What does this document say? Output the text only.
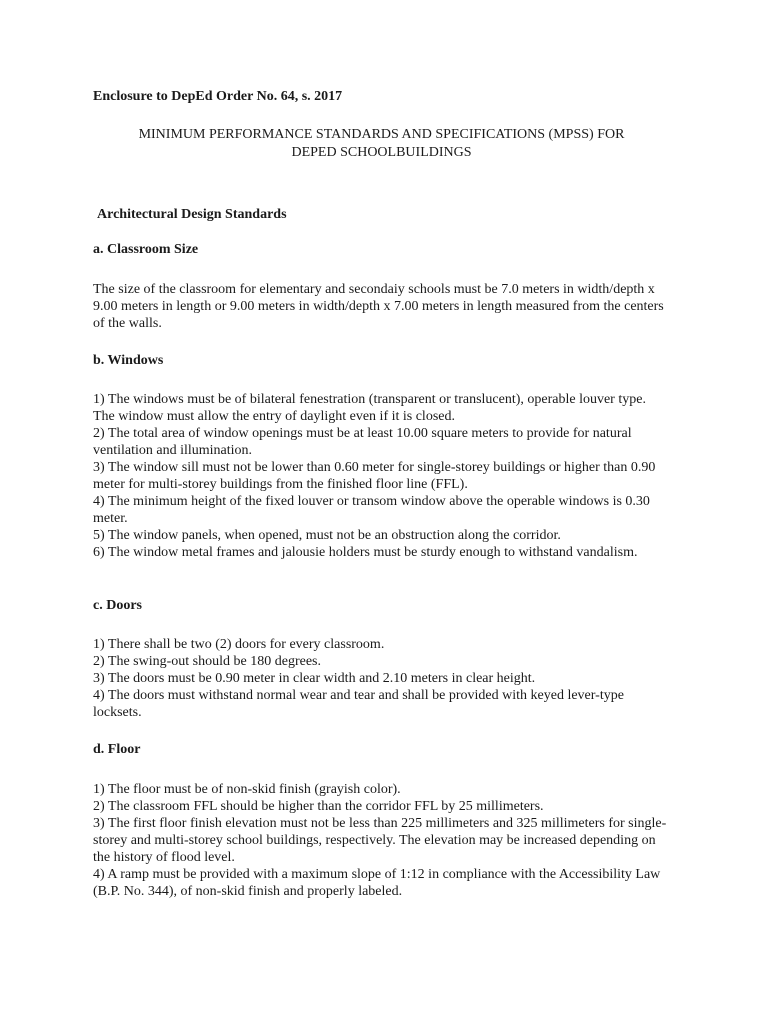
Enclosure to DepEd Order No. 64, s. 2017
MINIMUM PERFORMANCE STANDARDS AND SPECIFICATIONS (MPSS) FOR
DEPED SCHOOLBUILDINGS
Architectural Design Standards
a. Classroom Size

The size of the classroom for elementary and secondaiy schools must be 7.0 meters in width/depth x 9.00 meters in length or 9.00 meters in width/depth x 7.00 meters in length measured from the centers of the walls.

b. Windows
1) The windows must be of bilateral fenestration (transparent or translucent), operable louver type. The window must allow the entry of daylight even if it is closed.
2) The total area of window openings must be at least 10.00 square meters to provide for natural ventilation and illumination.
3) The window sill must not be lower than 0.60 meter for single-storey buildings or higher than 0.90 meter for multi-storey buildings from the finished floor line (FFL).
4) The minimum height of the fixed louver or transom window above the operable windows is 0.30 meter.
5) The window panels, when opened, must not be an obstruction along the corridor.
6) The window metal frames and jalousie holders must be sturdy enough to withstand vandalism.
c. Doors
1) There shall be two (2) doors for every classroom.
2) The swing-out should be 180 degrees.
3) The doors must be 0.90 meter in clear width and 2.10 meters in clear height.
4) The doors must withstand normal wear and tear and shall be provided with keyed lever-type locksets.
d. Floor
1) The floor must be of non-skid finish (grayish color).
2) The classroom FFL should be higher than the corridor FFL by 25 millimeters.
3) The first floor finish elevation must not be less than 225 millimeters and 325 millimeters for single-storey and multi-storey school buildings, respectively. The elevation may be increased depending on the history of flood level.
4) A ramp must be provided with a maximum slope of 1:12 in compliance with the Accessibility Law (B.P. No. 344), of non-skid finish and properly labeled.
